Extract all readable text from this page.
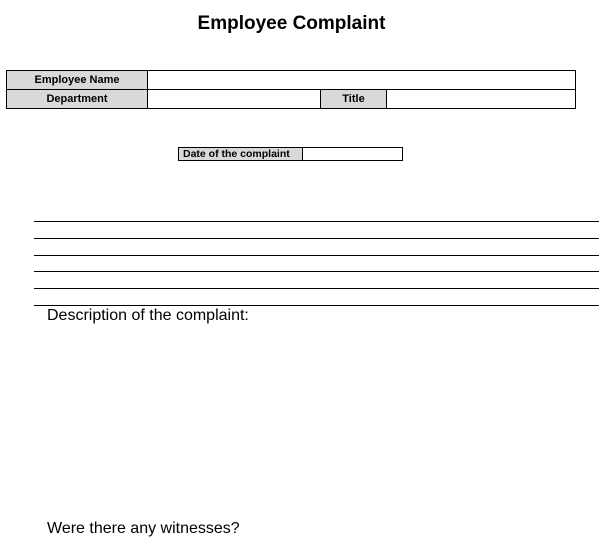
Employee Complaint
Employee Name			
Department		Title	
Date of the complaint
Description of the complaint:
Were there any witnesses?
